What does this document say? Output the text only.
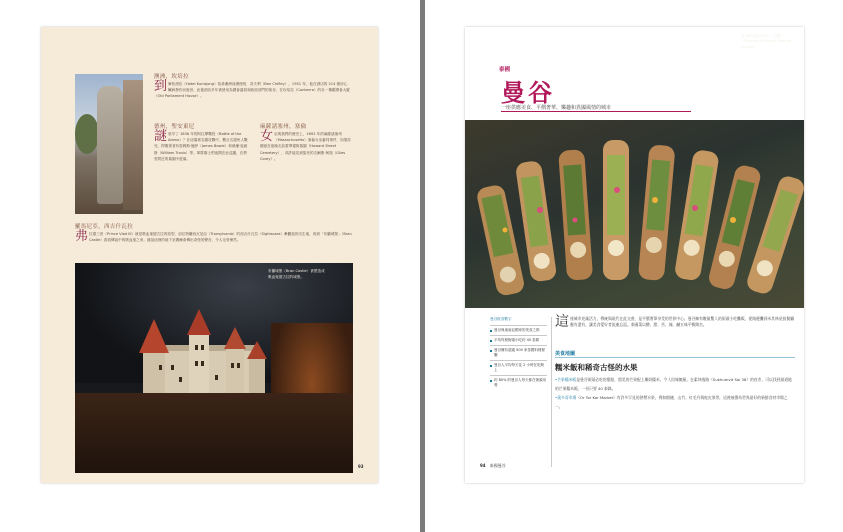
澳洲，坎培拉
到 庫松酒店（Hotel Kurrajong）找尋澳洲前總理班．奇夫利（Ben Chifley），1951 年，他在酒店的 214 號房心臟病發作而逝世。此後酒店多年被使用為國會議員和政府部門的宿舍，在坎培拉（Canberra）的另一棟舊國會大廈（Old Parliament House）。
德州，聖安東尼
謎 底早了 1836 年的阿拉摩戰役（Battle of the Alamo）？在這場著名圍攻戰中，數百名德州人戰死，捍衛著者有詹姆斯·鮑伊（James Bowie）和威廉·崔維斯（William Travis）等。軍隊衛士們夜間在此巡邏，在教堂附近的墓園中遊蕩。
麻薩諸塞州，塞倫
女 巫與我們的歷史上，1692 年的麻薩諸塞州（Massachusetts）塞倫女巫審判事件，如果你願意在夜晚走訪霍華德街墓園（Howard Street Cemetery），或許能見到冤死的吉爾斯·柯瑞（Giles Corey）。
羅馬尼亞，西吉什瓦拉
弗 拉德三世（Prince Vlad III）就是吸血鬼德古拉的原型，前往特蘭西瓦尼亞（Transylvania）的西吉什瓦拉（Sighisoara）參觀他的出生地，再到「布蘭城堡」（Bran Castle）看看傳說中的吸血鬼之家。據說這裡的地下室偶爾會傳出奇怪的聲音，令人毛骨悚然。
布蘭城堡（Bran Castle）被塑造成吸血鬼德古拉的城堡。
93
泰國
曼谷
一座供應美食、平價奢華、樂趣和異國風情的城市
曼谷的丹能莎朵水上市場（Damnoen Saduak floating market）
曼谷飲食數字
曼谷與東南亞國家的美食之都
平均每餐街頭小吃約 40 泰銖
曼谷擁有超過 500 家泰國料理餐廳
曼谷人平均每天花 2 小時在吃飯上
約 80% 的曼谷人每天都在街頭用餐
這 座城市充滿活力，傳統與現代在此交會，是平價奢華享受的世界中心。曼谷擁有數量驚人的街頭小吃攤販，從路邊攤到米其林星級餐廳應有盡有，讓美食愛好者流連忘返。泰國菜以酸、甜、苦、辣、鹹五味平衡聞名。
美食地圖
糯米飯和稀奇古怪的水果

•芒果糯米飯是曼谷街頭必吃的甜點，甜美的芒果配上椰奶糯米，令人回味無窮。在素坤逸路（Sukhumvit Soi 38）的夜市，可以找到最道地的芒果糯米飯，一份只要 40 泰銖。

•奧多哥市場（Or Tor Kor Market）有許多罕見的熱帶水果，例如榴槤、山竹、紅毛丹與蛇皮果等，這裡被譽為世界最好的新鮮食材市場之一。

94 泰國曼谷
